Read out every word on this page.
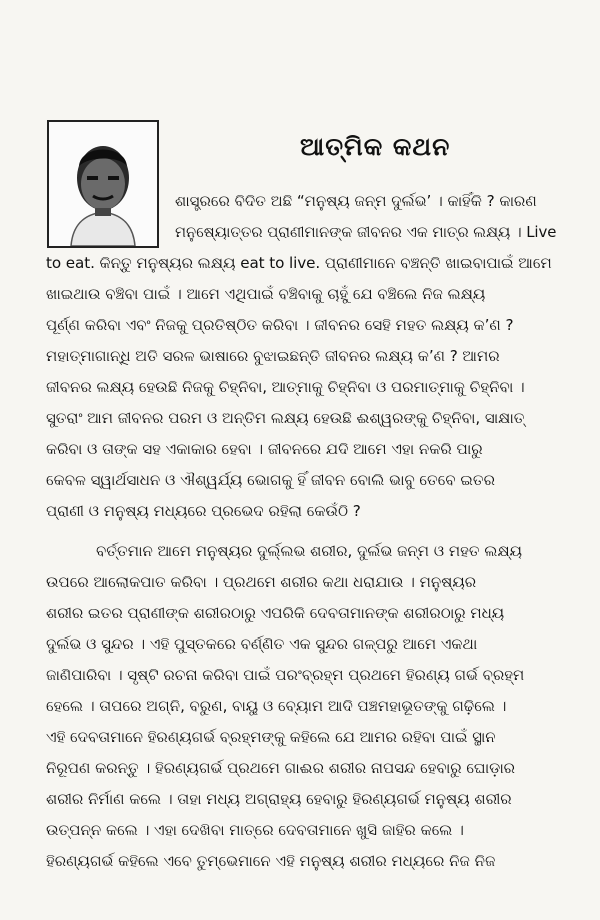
ଆତ୍ମିକ କଥନ
ଶାସ୍ତ୍ରରେ ବିଦିତ ଅଛି “ମନୁଷ୍ୟ ଜନ୍ମ ଦୁର୍ଲଭ’ । କାହିଁକି ? କାରଣ
ମନୁଷ୍ୟୋତ୍ତର ପ୍ରାଣୀମାନଙ୍କ ଜୀବନର ଏକ ମାତ୍ର ଲକ୍ଷ୍ୟ । Live
to eat. କିନ୍ତୁ ମନୁଷ୍ୟର ଲକ୍ଷ୍ୟ eat to live. ପ୍ରାଣୀମାନେ ବଞ୍ଚନ୍ତି ଖାଇବାପାଇଁ ଆମେ
ଖାଇଥାଉ ବଞ୍ଚିବା ପାଇଁ । ଆମେ ଏଥିପାଇଁ ବଞ୍ଚିବାକୁ ଚାହୁଁ ଯେ ବଞ୍ଚିଲେ ନିଜ ଲକ୍ଷ୍ୟ
ପୂର୍ଣ୍ଣ କରିବା ଏବଂ ନିଜକୁ ପ୍ରତିଷ୍ଠିତ କରିବା । ଜୀବନର ସେହି ମହତ ଲକ୍ଷ୍ୟ କ’ଣ ?
ମହାତ୍ମାଗାନ୍ଧି ଅତି ସରଳ ଭାଷାରେ ବୁଝାଇଛନ୍ତି ଜୀବନର ଲକ୍ଷ୍ୟ କ’ଣ ? ଆମର
ଜୀବନର ଲକ୍ଷ୍ୟ ହେଉଛି ନିଜକୁ ଚିହ୍ନିବା, ଆତ୍ମାକୁ ଚିହ୍ନିବା ଓ ପରମାତ୍ମାକୁ ଚିହ୍ନିବା ।
ସୁତରାଂ ଆମ ଜୀବନର ପରମ ଓ ଅନ୍ତିମ ଲକ୍ଷ୍ୟ ହେଉଛି ଈଶ୍ୱରଙ୍କୁ ଚିହ୍ନିବା, ସାକ୍ଷାତ୍
କରିବା ଓ ତାଙ୍କ ସହ ଏକାକାର ହେବା । ଜୀବନରେ ଯଦି ଆମେ ଏହା ନକରି ପାରୁ
କେବଳ ସ୍ୱାର୍ଥସାଧନ ଓ ଐଶ୍ୱର୍ଯ୍ୟ ଭୋଗକୁ ହିଁ ଜୀବନ ବୋଲି ଭାବୁ ତେବେ ଇତର
ପ୍ରାଣୀ ଓ ମନୁଷ୍ୟ ମଧ୍ୟରେ ପ୍ରଭେଦ ରହିଲା କେଉଁଠି ?
ବର୍ତ୍ତମାନ ଆମେ ମନୁଷ୍ୟର ଦୁର୍ଲ୍ଲଭ ଶରୀର, ଦୁର୍ଲଭ ଜନ୍ମ ଓ ମହତ ଲକ୍ଷ୍ୟ
ଉପରେ ଆଲୋକପାତ କରିବା । ପ୍ରଥମେ ଶରୀର କଥା ଧରାଯାଉ । ମନୁଷ୍ୟର
ଶରୀର ଇତର ପ୍ରାଣୀଙ୍କ ଶରୀରଠାରୁ ଏପରିକି ଦେବତାମାନଙ୍କ ଶରୀରଠାରୁ ମଧ୍ୟ
ଦୁର୍ଲଭ ଓ ସୁନ୍ଦର । ଏହି ପୁସ୍ତକରେ ବର୍ଣ୍ଣିତ ଏକ ସୁନ୍ଦର ଗଳ୍ପରୁ ଆମେ ଏକଥା
ଜାଣିପାରିବା । ସୃଷ୍ଟି ରଚନା କରିବା ପାଇଁ ପରଂବ୍ରହ୍ମ ପ୍ରଥମେ ହିରଣ୍ୟ ଗର୍ଭ ବ୍ରହ୍ମ
ହେଲେ । ତାପରେ ଅଗ୍ନି, ବରୁଣ, ବାୟୁ ଓ ବ୍ୟୋମ ଆଦି ପଞ୍ଚମହାଭୂତଙ୍କୁ ଗଢ଼ିଲେ ।
ଏହି ଦେବତାମାନେ ହିରଣ୍ୟଗର୍ଭ ବ୍ରହ୍ମଙ୍କୁ କହିଲେ ଯେ ଆମର ରହିବା ପାଇଁ ସ୍ଥାନ
ନିରୂପଣ କରନ୍ତୁ । ହିରଣ୍ୟଗର୍ଭ ପ୍ରଥମେ ଗାଈର ଶରୀର ନାପସନ୍ଦ ହେବାରୁ ଘୋଡ଼ାର
ଶରୀର ନିର୍ମାଣ କଲେ । ତାହା ମଧ୍ୟ ଅଗ୍ରାହ୍ୟ ହେବାରୁ ହିରଣ୍ୟଗର୍ଭ ମନୁଷ୍ୟ ଶରୀର
ଉତ୍ପନ୍ନ କଲେ । ଏହା ଦେଖିବା ମାତ୍ରେ ଦେବତାମାନେ ଖୁସି ଜାହିର କଲେ ।
ହିରଣ୍ୟଗର୍ଭ କହିଲେ ଏବେ ତୁମ୍ଭେମାନେ ଏହି ମନୁଷ୍ୟ ଶରୀର ମଧ୍ୟରେ ନିଜ ନିଜ
